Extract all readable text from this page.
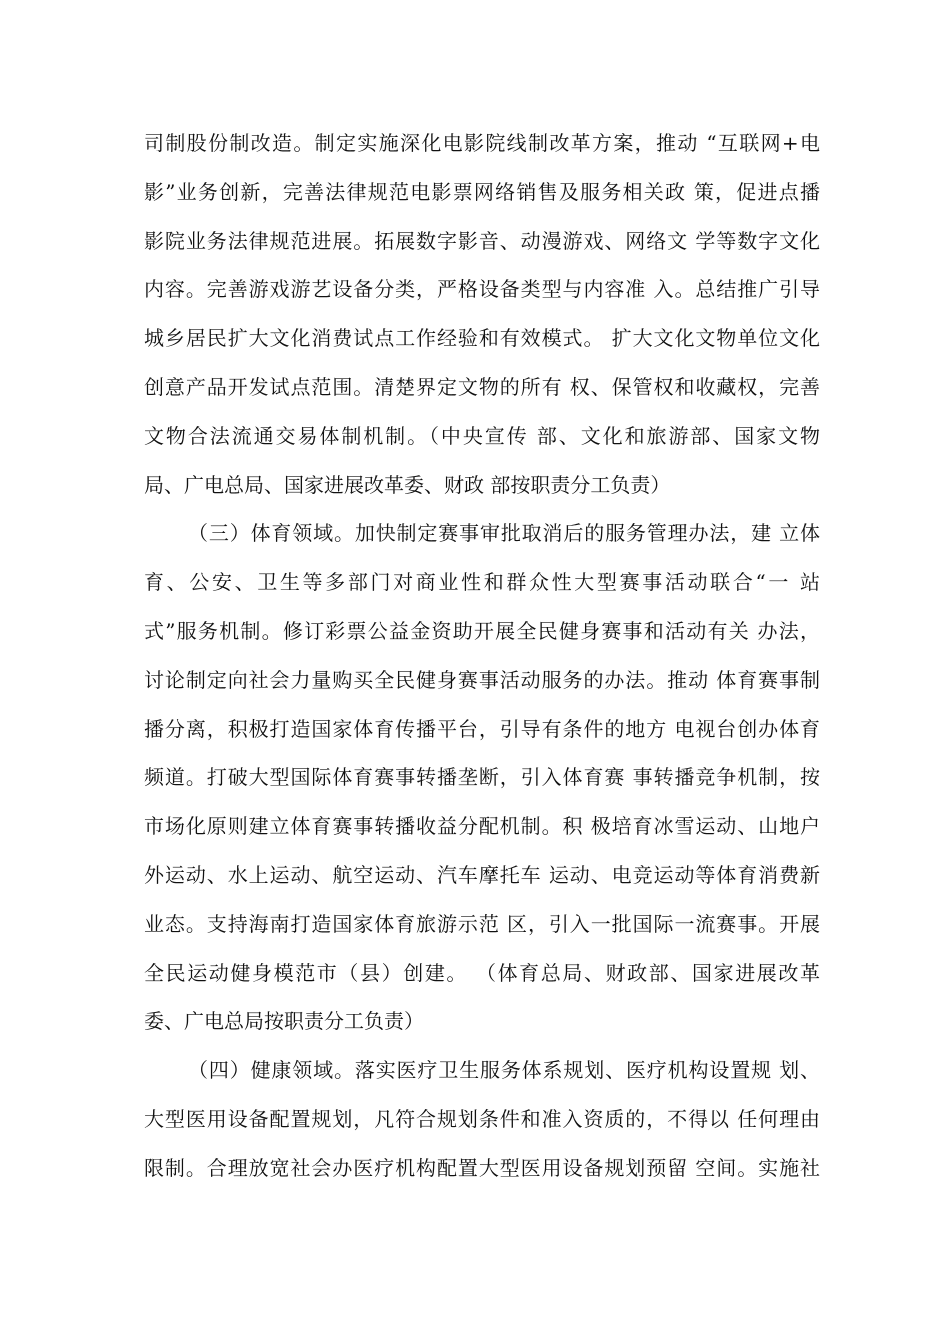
司制股份制改造。制定实施深化电影院线制改革方案，推动 “互联网+电
影”业务创新，完善法律规范电影票网络销售及服务相关政 策，促进点播
影院业务法律规范进展。拓展数字影音、动漫游戏、网络文 学等数字文化
内容。完善游戏游艺设备分类，严格设备类型与内容准 入。总结推广引导
城乡居民扩大文化消费试点工作经验和有效模式。 扩大文化文物单位文化
创意产品开发试点范围。清楚界定文物的所有 权、保管权和收藏权，完善
文物合法流通交易体制机制。（中央宣传 部、文化和旅游部、国家文物
局、广电总局、国家进展改革委、财政 部按职责分工负责）
（三）体育领域。加快制定赛事审批取消后的服务管理办法，建 立体
育、公安、卫生等多部门对商业性和群众性大型赛事活动联合“一 站
式”服务机制。修订彩票公益金资助开展全民健身赛事和活动有关 办法，
讨论制定向社会力量购买全民健身赛事活动服务的办法。推动 体育赛事制
播分离，积极打造国家体育传播平台，引导有条件的地方 电视台创办体育
频道。打破大型国际体育赛事转播垄断，引入体育赛 事转播竞争机制，按
市场化原则建立体育赛事转播收益分配机制。积 极培育冰雪运动、山地户
外运动、水上运动、航空运动、汽车摩托车 运动、电竞运动等体育消费新
业态。支持海南打造国家体育旅游示范 区，引入一批国际一流赛事。开展
全民运动健身模范市（县）创建。 （体育总局、财政部、国家进展改革
委、广电总局按职责分工负责）
（四）健康领域。落实医疗卫生服务体系规划、医疗机构设置规 划、
大型医用设备配置规划，凡符合规划条件和准入资质的，不得以 任何理由
限制。合理放宽社会办医疗机构配置大型医用设备规划预留 空间。实施社
